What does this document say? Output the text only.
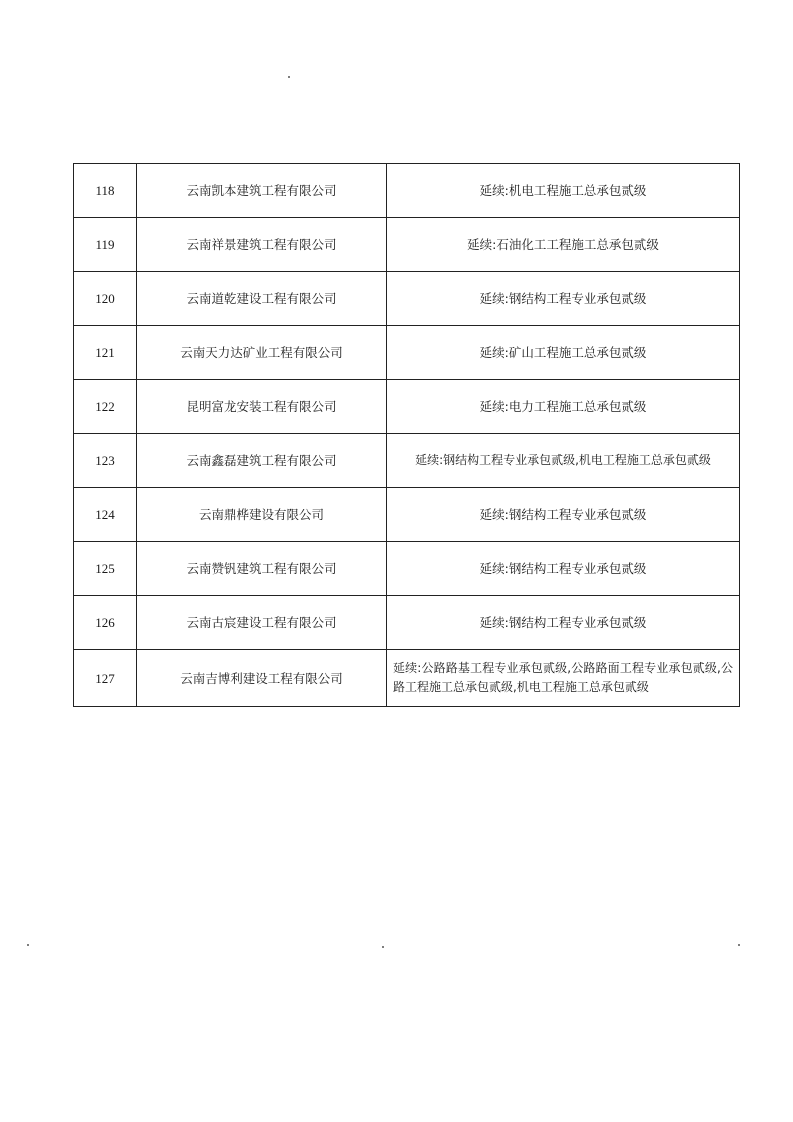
118	云南凯本建筑工程有限公司	延续:机电工程施工总承包贰级
119	云南祥景建筑工程有限公司	延续:石油化工工程施工总承包贰级
120	云南道乾建设工程有限公司	延续:钢结构工程专业承包贰级
121	云南天力达矿业工程有限公司	延续:矿山工程施工总承包贰级
122	昆明富龙安装工程有限公司	延续:电力工程施工总承包贰级
123	云南鑫磊建筑工程有限公司	延续:钢结构工程专业承包贰级,机电工程施工总承包贰级
124	云南鼎桦建设有限公司	延续:钢结构工程专业承包贰级
125	云南赞钒建筑工程有限公司	延续:钢结构工程专业承包贰级
126	云南古宸建设工程有限公司	延续:钢结构工程专业承包贰级
127	云南吉博利建设工程有限公司	延续:公路路基工程专业承包贰级,公路路面工程专业承包贰级,公路工程施工总承包贰级,机电工程施工总承包贰级
